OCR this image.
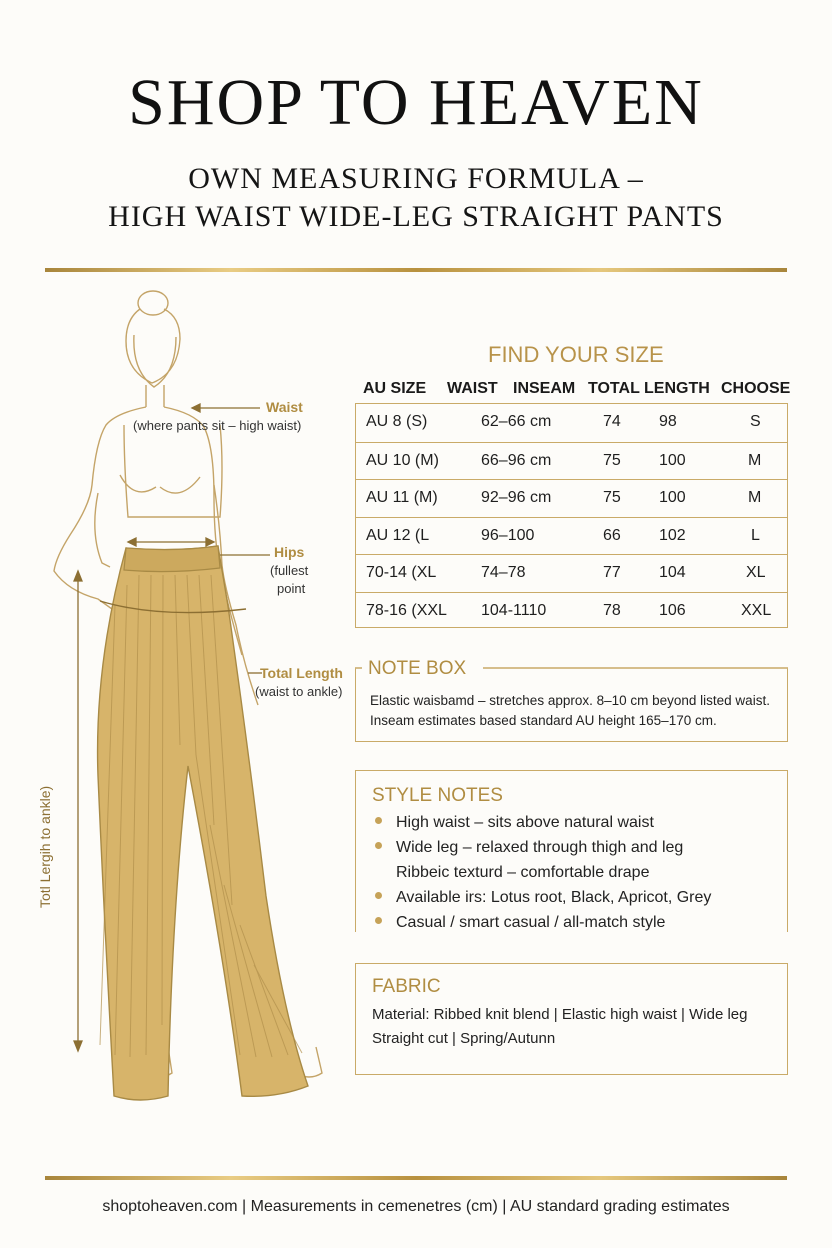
SHOP TO HEAVEN
OWN MEASURING FORMULA –
HIGH WAIST WIDE-LEG STRAIGHT PANTS
Waist
(where pants sit – high waist)
Hips
(fullest
point
Total Length
(waist to ankle)
Totl Lergih to ankle)
FIND YOUR SIZE
AU SIZE WAIST INSEAM TOTAL LENGTH CHOOSE
AU 8 (S)	62–66 cm	74 98	S
AU 10 (M)	66–96 cm	75 100	M
AU 11 (M)	92–96 cm	75 100	M
AU 12 (L	96–100	66 102	L
70-14 (XL	74–78	77 104	XL
78-16 (XXL 104-1110	78 106	XXL
NOTE BOX
Elastic waisbamd – stretches approx. 8–10 cm beyond listed waist.
Inseam estimates based standard AU height 165–170 cm.
STYLE NOTES
High waist – sits above natural waist
Wide leg – relaxed through thigh and leg
Ribbeic texturd – comfortable drape
Available irs: Lotus root, Black, Apricot, Grey
Casual / smart casual / all-match style
FABRIC
Material: Ribbed knit blend | Elastic high waist | Wide leg
Straight cut | Spring/Autunn
shoptoheaven.com | Measurements in cemenetres (cm) | AU standard grading estimates
